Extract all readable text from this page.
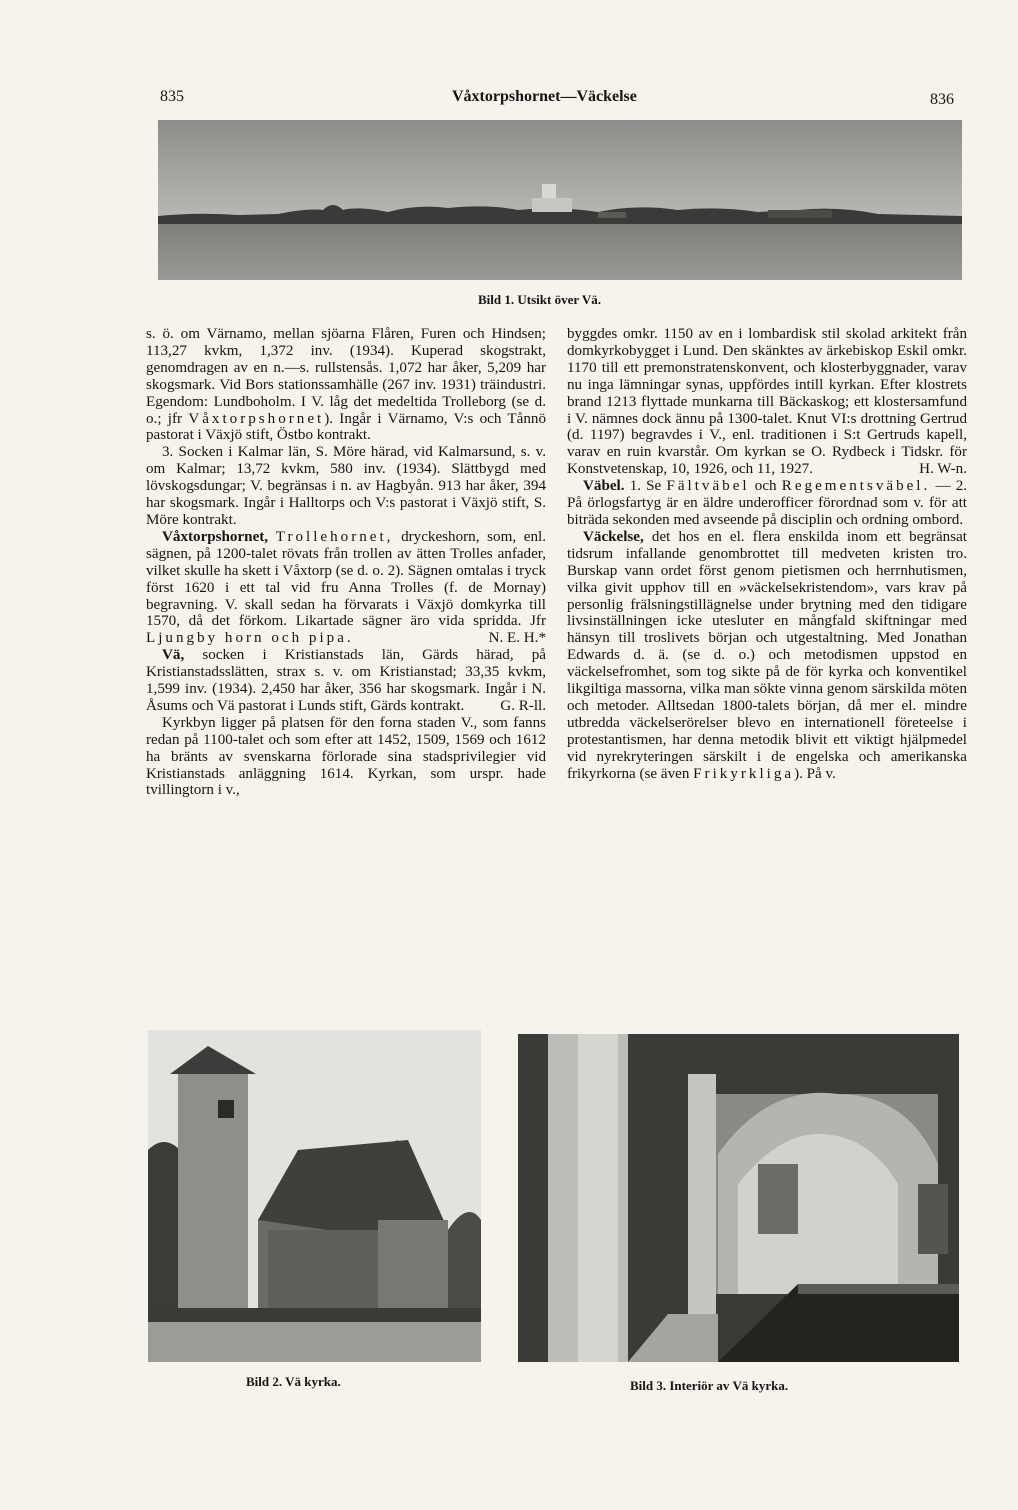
835	Våxtorpshornet—Väckelse	836
Bild 1. Utsikt över Vä.

s. ö. om Värnamo, mellan sjöarna Flåren, Furen och Hindsen; 113,27 kvkm, 1,372 inv. (1934). Kuperad skogstrakt, genomdragen av en n.—s. rullstensås. 1,072 har åker, 5,209 har skogsmark. Vid Bors stationssamhälle (267 inv. 1931) träindustri. Egendom: Lundboholm. I V. låg det medeltida Trolleborg (se d. o.; jfr Våxtorpshornet). Ingår i Värnamo, V:s och Tånnö pastorat i Växjö stift, Östbo kontrakt.

3. Socken i Kalmar län, S. Möre härad, vid Kalmarsund, s. v. om Kalmar; 13,72 kvkm, 580 inv. (1934). Slättbygd med lövskogsdungar; V. begränsas i n. av Hagbyån. 913 har åker, 394 har skogsmark. Ingår i Halltorps och V:s pastorat i Växjö stift, S. Möre kontrakt.

Våxtorpshornet, Trollehornet, dryckeshorn, som, enl. sägnen, på 1200-talet rövats från trollen av ätten Trolles anfader, vilket skulle ha skett i Våxtorp (se d. o. 2). Sägnen omtalas i tryck först 1620 i ett tal vid fru Anna Trolles (f. de Mornay) begravning. V. skall sedan ha förvarats i Växjö domkyrka till 1570, då det förkom. Likartade sägner äro vida spridda. Jfr Ljungby horn och pipa.	N. E. H.*

Vä, socken i Kristianstads län, Gärds härad, på Kristianstadsslätten, strax s. v. om Kristianstad; 33,35 kvkm, 1,599 inv. (1934). 2,450 har åker, 356 har skogsmark. Ingår i N. Åsums och Vä pastorat i Lunds stift, Gärds kontrakt.	G. R-ll.

Kyrkbyn ligger på platsen för den forna staden V., som fanns redan på 1100-talet och som efter att 1452, 1509, 1569 och 1612 ha bränts av svenskarna förlorade sina stadsprivilegier vid Kristianstads anläggning 1614. Kyrkan, som urspr. hade tvillingtorn i v.,

byggdes omkr. 1150 av en i lombardisk stil skolad arkitekt från domkyrkobygget i Lund. Den skänktes av ärkebiskop Eskil omkr. 1170 till ett premonstratenskonvent, och klosterbyggnader, varav nu inga lämningar synas, uppfördes intill kyrkan. Efter klostrets brand 1213 flyttade munkarna till Bäckaskog; ett klostersamfund i V. nämnes dock ännu på 1300-talet. Knut VI:s drottning Gertrud (d. 1197) begravdes i V., enl. traditionen i S:t Gertruds kapell, varav en ruin kvarstår. Om kyrkan se O. Rydbeck i Tidskr. för Konstvetenskap, 10, 1926, och 11, 1927.	H. W-n.

Väbel. 1. Se Fältväbel och Regementsväbel. — 2. På örlogsfartyg är en äldre underofficer förordnad som v. för att biträda sekonden med avseende på disciplin och ordning ombord.

Väckelse, det hos en el. flera enskilda inom ett begränsat tidsrum infallande genombrottet till medveten kristen tro. Burskap vann ordet först genom pietismen och herrnhutismen, vilka givit upphov till en »väckelsekristendom», vars krav på personlig frälsningstillägnelse under brytning med den tidigare livsinställningen icke utesluter en mångfald skiftningar med hänsyn till troslivets början och utgestaltning. Med Jonathan Edwards d. ä. (se d. o.) och metodismen uppstod en väckelsefromhet, som tog sikte på de för kyrka och konventikel likgiltiga massorna, vilka man sökte vinna genom särskilda möten och metoder. Alltsedan 1800-talets början, då mer el. mindre utbredda väckelserörelser blevo en internationell företeelse i protestantismen, har denna metodik blivit ett viktigt hjälpmedel vid nyrekryteringen särskilt i de engelska och amerikanska frikyrkorna (se även Frikyrkliga). På v.

Bild 2. Vä kyrka.	Bild 3. Interiör av Vä kyrka.
